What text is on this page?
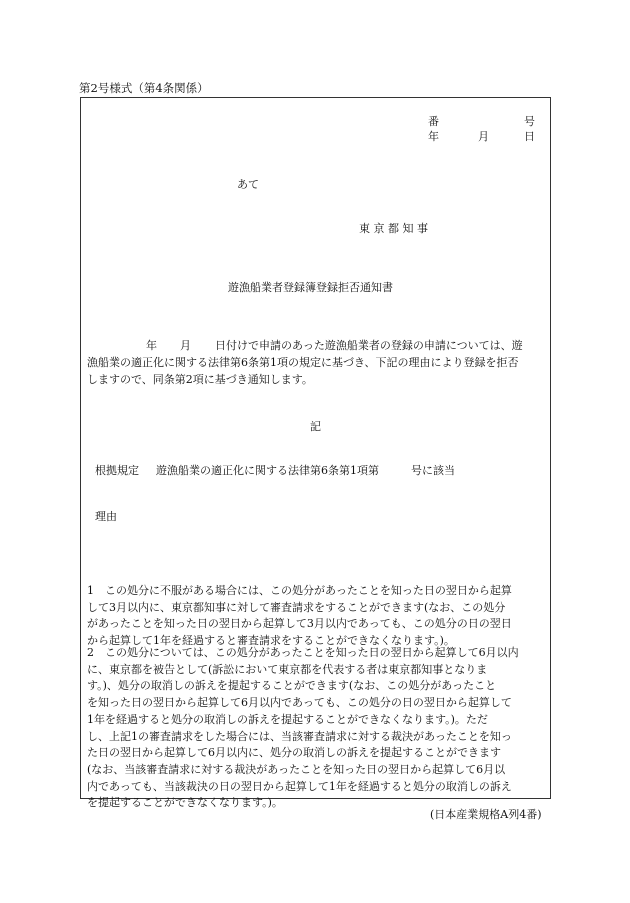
第2号様式（第4条関係）
番	号
年	月	日
あて
東 京 都 知 事
遊漁船業者登録簿登録拒否通知書
年 月 日付けで申請のあった遊漁船業者の登録の申請については、遊
漁船業の適正化に関する法律第6条第1項の規定に基づき、下記の理由により登録を拒否
しますので、同条第2項に基づき通知します。
記
根拠規定 遊漁船業の適正化に関する法律第6条第1項第	号に該当
理由
1　この処分に不服がある場合には、この処分があったことを知った日の翌日から起算
して3月以内に、東京都知事に対して審査請求をすることができます(なお、この処分
があったことを知った日の翌日から起算して3月以内であっても、この処分の日の翌日
から起算して1年を経過すると審査請求をすることができなくなります。)。
2　この処分については、この処分があったことを知った日の翌日から起算して6月以内
に、東京都を被告として(訴訟において東京都を代表する者は東京都知事となりま
す。)、処分の取消しの訴えを提起することができます(なお、この処分があったこと
を知った日の翌日から起算して6月以内であっても、この処分の日の翌日から起算して
1年を経過すると処分の取消しの訴えを提起することができなくなります。)。ただ
し、上記1の審査請求をした場合には、当該審査請求に対する裁決があったことを知っ
た日の翌日から起算して6月以内に、処分の取消しの訴えを提起することができます
(なお、当該審査請求に対する裁決があったことを知った日の翌日から起算して6月以
内であっても、当該裁決の日の翌日から起算して1年を経過すると処分の取消しの訴え
を提起することができなくなります。)。
(日本産業規格A列4番)
